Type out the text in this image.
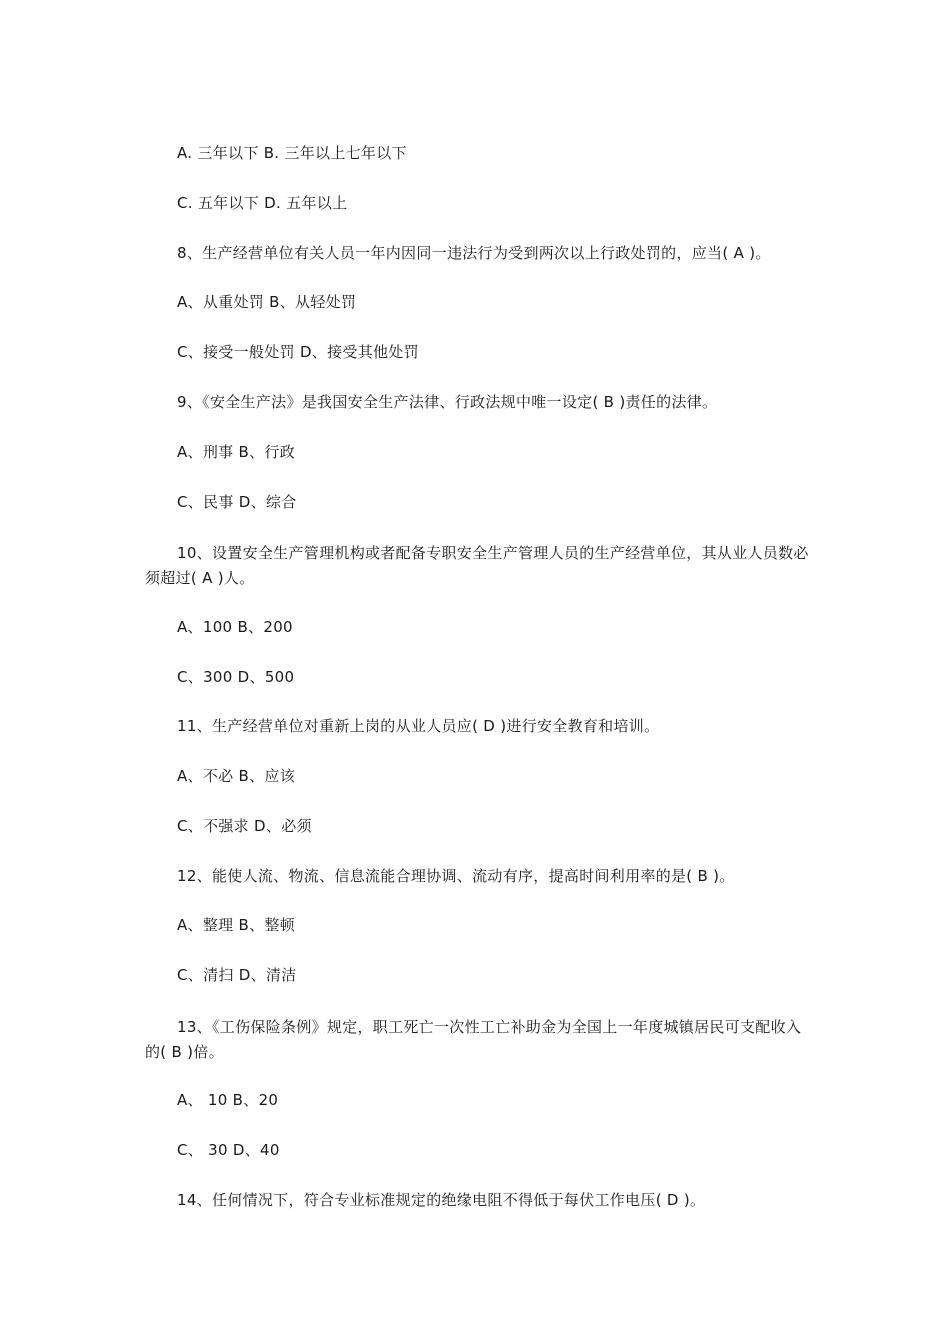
A. 三年以下 B. 三年以上七年以下
C. 五年以下 D. 五年以上
8、生产经营单位有关人员一年内因同一违法行为受到两次以上行政处罚的，应当( A )。
A、从重处罚 B、从轻处罚
C、接受一般处罚 D、接受其他处罚
9、《安全生产法》是我国安全生产法律、行政法规中唯一设定( B )责任的法律。
A、刑事 B、行政
C、民事 D、综合
10、设置安全生产管理机构或者配备专职安全生产管理人员的生产经营单位，其从业人员数必须超过( A )人。
A、100 B、200
C、300 D、500
11、生产经营单位对重新上岗的从业人员应( D )进行安全教育和培训。
A、不必 B、应该
C、不强求 D、必须
12、能使人流、物流、信息流能合理协调、流动有序，提高时间利用率的是( B )。
A、整理 B、整顿
C、清扫 D、清洁
13、《工伤保险条例》规定，职工死亡一次性工亡补助金为全国上一年度城镇居民可支配收入的( B )倍。
A、 10 B、20
C、 30 D、40
14、任何情况下，符合专业标准规定的绝缘电阻不得低于每伏工作电压( D )。
